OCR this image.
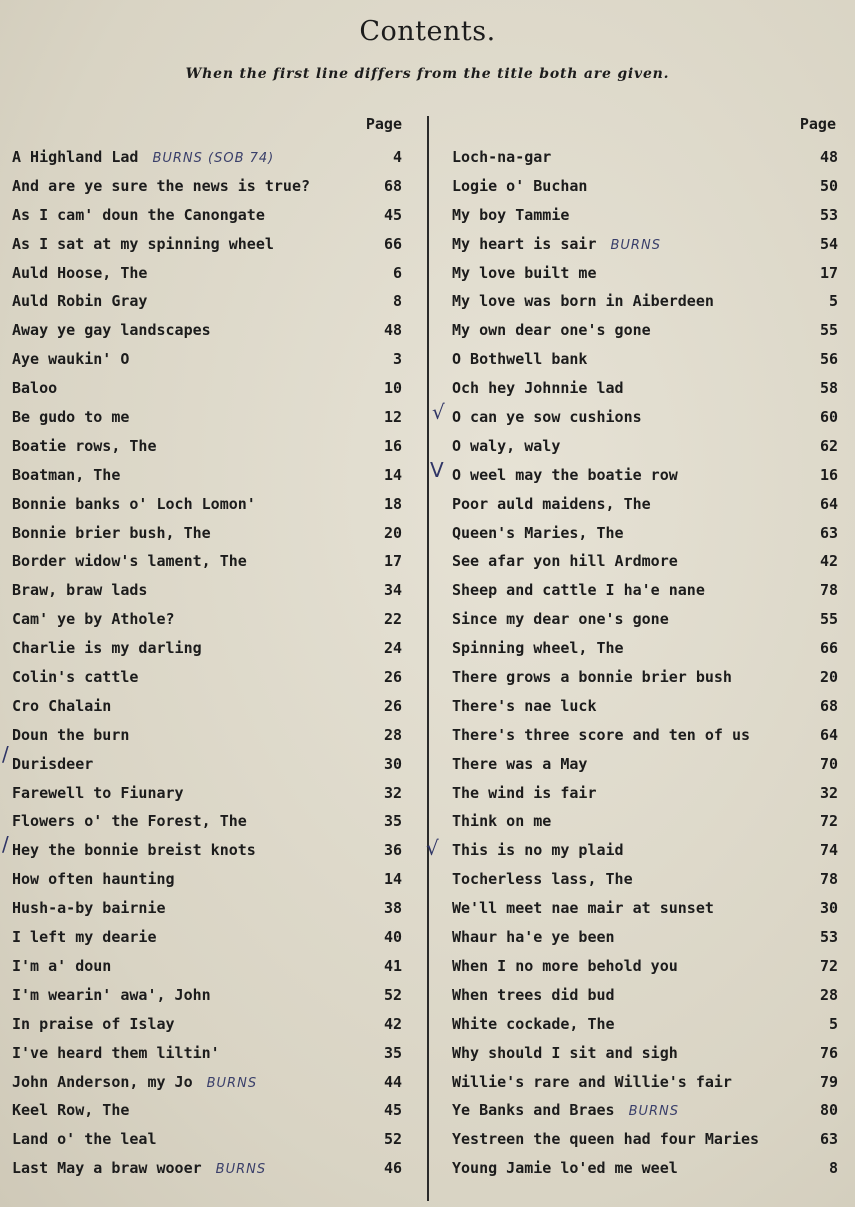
Contents.
When the first line differs from the title both are given.
Page
A Highland Lad BURNS (SOB 74)	4
And are ye sure the news is true?	68
As I cam' doun the Canongate	45
As I sat at my spinning wheel	66
Auld Hoose, The	6
Auld Robin Gray	8
Away ye gay landscapes	48
Aye waukin' O	3
Baloo	10
Be gudo to me	12
Boatie rows, The	16
Boatman, The	14
Bonnie banks o' Loch Lomon'	18
Bonnie brier bush, The	20
Border widow's lament, The	17
Braw, braw lads	34
Cam' ye by Athole?	22
Charlie is my darling	24
Colin's cattle	26
Cro Chalain	26
Doun the burn	28
Durisdeer	30
Farewell to Fiunary	32
Flowers o' the Forest, The	35
Hey the bonnie breist knots	36
How often haunting	14
Hush-a-by bairnie	38
I left my dearie	40
I'm a' doun	41
I'm wearin' awa', John	52
In praise of Islay	42
I've heard them liltin'	35
John Anderson, my Jo BURNS	44
Keel Row, The	45
Land o' the leal	52
Last May a braw wooer BURNS	46
Page
Loch-na-gar	48
Logie o' Buchan	50
My boy Tammie	53
My heart is sair BURNS	54
My love built me	17
My love was born in Aiberdeen	5
My own dear one's gone	55
O Bothwell bank	56
Och hey Johnnie lad	58
O can ye sow cushions	60
O waly, waly	62
O weel may the boatie row	16
Poor auld maidens, The	64
Queen's Maries, The	63
See afar yon hill Ardmore	42
Sheep and cattle I ha'e nane	78
Since my dear one's gone	55
Spinning wheel, The	66
There grows a bonnie brier bush	20
There's nae luck	68
There's three score and ten of us	64
There was a May	70
The wind is fair	32
Think on me	72
This is no my plaid	74
Tocherless lass, The	78
We'll meet nae mair at sunset	30
Whaur ha'e ye been	53
When I no more behold you	72
When trees did bud	28
White cockade, The	5
Why should I sit and sigh	76
Willie's rare and Willie's fair	79
Ye Banks and Braes BURNS	80
Yestreen the queen had four Maries	63
Young Jamie lo'ed me weel	8
/
/
√
V
√
